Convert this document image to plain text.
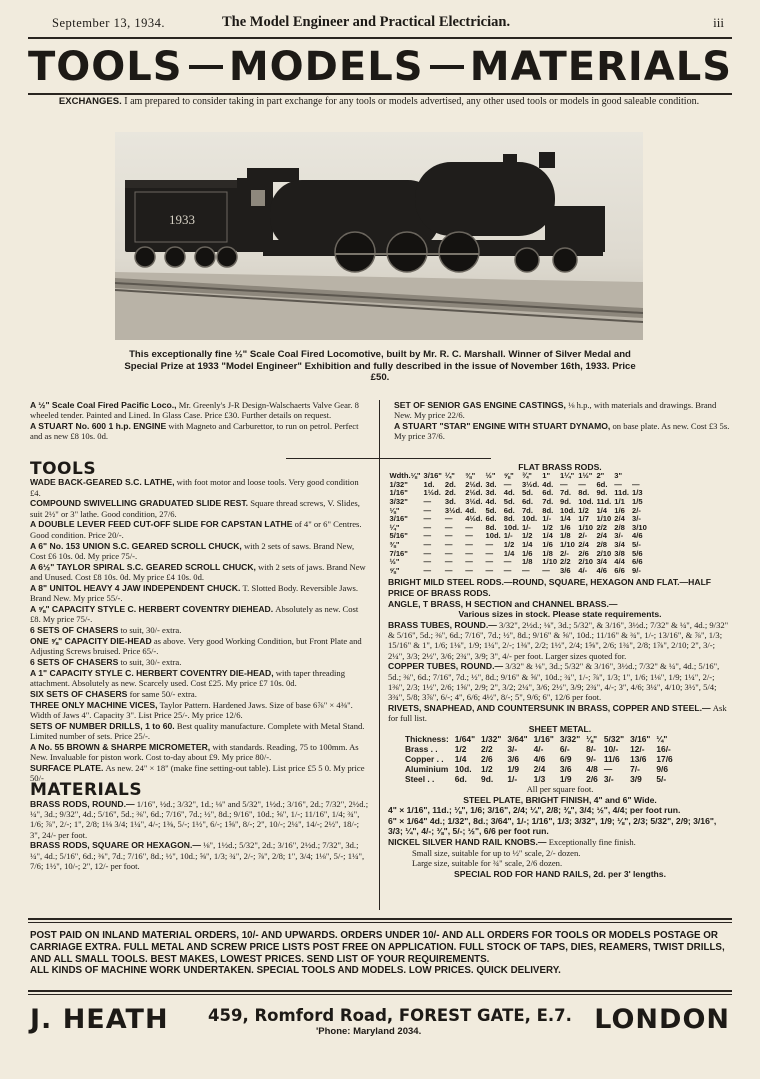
September 13, 1934.	The Model Engineer and Practical Electrician.	iii
TOOLS MODELS MATERIALS
EXCHANGES. I am prepared to consider taking in part exchange for any tools or models advertised, any other used tools or models in good saleable condition.
1933
This exceptionally fine ½" Scale Coal Fired Locomotive, built by Mr. R. C. Marshall. Winner of Silver Medal and Special Prize at 1933 "Model Engineer" Exhibition and fully described in the issue of November 16th, 1933. Price £50.

A ½" Scale Coal Fired Pacific Loco., Mr. Greenly's J-R Design-Walschaerts Valve Gear. 8 wheeled tender. Painted and Lined. In Glass Case. Price £30. Further details on request.

A STUART No. 600 1 h.p. ENGINE with Magneto and Carburettor, to run on petrol. Perfect and as new £8 10s. 0d.

SET OF SENIOR GAS ENGINE CASTINGS, ⅛ h.p., with materials and drawings. Brand New. My price 22/6.

A STUART "STAR" ENGINE WITH STUART DYNAMO, on base plate. As new. Cost £3 5s. My price 37/6.

TOOLS

WADE BACK-GEARED S.C. LATHE, with foot motor and loose tools. Very good condition £4.

COMPOUND SWIVELLING GRADUATED SLIDE REST. Square thread screws, V. Slides, suit 2½" or 3" lathe. Good condition, 27/6.

A DOUBLE LEVER FEED CUT-OFF SLIDE FOR CAPSTAN LATHE of 4" or 6" Centres. Good condition. Price 20/-.

A 6" No. 153 UNION S.C. GEARED SCROLL CHUCK, with 2 sets of saws. Brand New, Cost £6 10s. 0d. My price 75/-.

A 6½" TAYLOR SPIRAL S.C. GEARED SCROLL CHUCK, with 2 sets of jaws. Brand New and Unused. Cost £8 10s. 0d. My price £4 10s. 0d.

A 8" UNITOL HEAVY 4 JAW INDEPENDENT CHUCK. T. Slotted Body. Reversible Jaws. Brand New. My price 55/-.

A ⅝" CAPACITY STYLE C. HERBERT COVENTRY DIEHEAD. Absolutely as new. Cost £8. My price 75/-.

6 SETS OF CHASERS to suit, 30/- extra.

ONE ⅝" CAPACITY DIE-HEAD as above. Very good Working Condition, but Front Plate and Adjusting Screws bruised. Price 65/-.

6 SETS OF CHASERS to suit, 30/- extra.

A 1" CAPACITY STYLE C. HERBERT COVENTRY DIE-HEAD, with taper threading attachment. Absolutely as new. Scarcely used. Cost £25. My price £7 10s. 0d.

SIX SETS OF CHASERS for same 50/- extra.

THREE ONLY MACHINE VICES, Taylor Pattern. Hardened Jaws. Size of base 6⅞" × 4⅜". Width of Jaws 4". Capacity 3". List Price 25/-. My price 12/6.

SETS OF NUMBER DRILLS, 1 to 60. Best quality manufacture. Complete with Metal Stand. Limited number of sets. Price 25/-.

A No. 55 BROWN & SHARPE MICROMETER, with standards. Reading, 75 to 100mm. As New. Invaluable for piston work. Cost to-day about £9. My price 80/-.

SURFACE PLATE. As new. 24" × 18" (make fine setting-out table). List price £5 5 0. My price 50/-

MATERIALS

BRASS RODS, ROUND.— 1/16", ½d.; 3/32", 1d.; ⅛" and 5/32", 1½d.; 3/16", 2d.; 7/32", 2½d.; ¼", 3d.; 9/32", 4d.; 5/16", 5d.; ⅜", 6d.; 7/16", 7d.; ½", 8d.; 9/16", 10d.; ⅝", 1/-; 11/16", 1/4; ¾", 1/6; ⅞", 2/-; 1", 2/8; 1⅛ 3/4; 1¼", 4/-; 1⅜, 5/-; 1½", 6/-; 1⅝", 8/-; 2", 10/-; 2¼", 14/-; 2½", 18/-; 3", 24/- per foot.

BRASS RODS, SQUARE OR HEXAGON.— ⅛", 1½d.; 5/32", 2d.; 3/16", 2½d.; 7/32", 3d.; ¼", 4d.; 5/16", 6d.; ⅜", 7d.; 7/16", 8d.; ½", 10d.; ⅝", 1/3; ¾", 2/-; ⅞", 2/8; 1", 3/4; 1⅛", 5/-; 1¼", 7/6; 1½", 10/-; 2", 12/- per foot.

FLAT BRASS RODS.
Wdth.⅛"	3/16"	¼"	⅜"	½"	⅝"	¾"	1"	1¼"	1½"	2"	3"	
1/32"	1d.	2d.	2½d.	3d.	—	3½d.	4d.	—	—	6d.	—	—
1/16"	1½d.	2d.	2½d.	3d.	4d.	5d.	6d.	7d.	8d.	9d.	11d.	1/3
3/32"	—	3d.	3½d.	4d.	5d.	6d.	7d.	9d.	10d.	11d.	1/1	1/5
⅛"	—	3½d.	4d.	5d.	6d.	7d.	8d.	10d.	1/2	1/4	1/6	2/-
3/16"	—	—	4½d.	6d.	8d.	10d.	1/-	1/4	1/7	1/10	2/4	3/-
¼"	—	—	—	8d.	10d.	1/-	1/2	1/6	1/10	2/2	2/8	3/10
5/16"	—	—	—	10d.	1/-	1/2	1/4	1/8	2/-	2/4	3/-	4/6
⅜"	—	—	—	—	1/2	1/4	1/6	1/10	2/4	2/8	3/4	5/-
7/16"	—	—	—	—	1/4	1/6	1/8	2/-	2/6	2/10	3/8	5/6
½"	—	—	—	—	—	1/8	1/10	2/2	2/10	3/4	4/4	6/6
⅝"	—	—	—	—	—	—	—	3/6	4/-	4/6	6/6	9/-

BRIGHT MILD STEEL RODS.—ROUND, SQUARE, HEXAGON AND FLAT.—HALF PRICE OF BRASS RODS.

ANGLE, T BRASS, H SECTION and CHANNEL BRASS.—

Various sizes in stock. Please state requirements.

BRASS TUBES, ROUND.— 3/32", 2½d.; ⅛", 3d.; 5/32", & 3/16", 3½d.; 7/32" & ¼", 4d.; 9/32" & 5/16", 5d.; ⅜", 6d.; 7/16", 7d.; ½", 8d.; 9/16" & ⅝", 10d.; 11/16" & ¾", 1/-; 13/16", & ⅞", 1/3; 15/16" & 1", 1/6; 1⅛", 1/9; 1¼", 2/-; 1⅜", 2/2; 1½", 2/4; 1⅝", 2/6; 1¾", 2/8; 1⅞", 2/10; 2", 3/-; 2¼", 3/3; 2½", 3/6; 2¾", 3/9; 3", 4/- per foot. Larger sizes quoted for.

COPPER TUBES, ROUND.— 3/32" & ⅛", 3d.; 5/32" & 3/16", 3½d.; 7/32" & ¼", 4d.; 5/16", 5d.; ⅜", 6d.; 7/16", 7d.; ½", 8d.; 9/16" & ⅝", 10d.; ¾", 1/-; ⅞", 1/3; 1", 1/6; 1⅛", 1/9; 1¼", 2/-; 1⅜", 2/3; 1½", 2/6; 1⅝", 2/9; 2", 3/2; 2¼", 3/6; 2½", 3/9; 2¾", 4/-; 3", 4/6; 3¼", 4/10; 3½", 5/4; 3¾", 5/8; 3⅞", 6/-; 4", 6/6; 4½", 8/-; 5", 9/6; 6", 12/6 per foot.

RIVETS, SNAPHEAD, AND COUNTERSUNK IN BRASS, COPPER AND STEEL.— Ask for full list.

SHEET METAL.
Thickness:	1/64"	1/32"	3/64"	1/16"	3/32"	⅛"	5/32"	3/16"	¼"
Brass . .	1/2	2/2	3/-	4/-	6/-	8/-	10/-	12/-	16/-
Copper . .	1/4	2/6	3/6	4/6	6/9	9/-	11/6	13/6	17/6
Aluminium	10d.	1/2	1/9	2/4	3/6	4/8	—	7/-	9/6
Steel . .	6d.	9d.	1/-	1/3	1/9	2/6	3/-	3/9	5/-
All per square foot.
STEEL PLATE, BRIGHT FINISH, 4" and 6" Wide.

4" × 1/16", 11d.; ⅛", 1/6; 3/16", 2/4; ¼", 2/8; ⅜", 3/4; ½", 4/4; per foot run.

6" × 1/64" 4d.; 1/32", 8d.; 3/64", 1/-; 1/16", 1/3; 3/32", 1/9; ⅛", 2/3; 5/32", 2/9; 3/16", 3/3; ¼", 4/-; ⅜", 5/-; ½", 6/6 per foot run.

NICKEL SILVER HAND RAIL KNOBS.— Exceptionally fine finish.

Small size, suitable for up to ½" scale, 2/- dozen.

Large size, suitable for ¾" scale, 2/6 dozen.

SPECIAL ROD FOR HAND RAILS, 2d. per 3' lengths.

POST PAID ON INLAND MATERIAL ORDERS, 10/- AND UPWARDS. ORDERS UNDER 10/- AND ALL ORDERS FOR TOOLS OR MODELS POSTAGE OR CARRIAGE EXTRA. FULL METAL AND SCREW PRICE LISTS POST FREE ON APPLICATION. FULL STOCK OF TAPS, DIES, REAMERS, TWIST DRILLS, AND ALL SMALL TOOLS. BEST MAKES, LOWEST PRICES. SEND LIST OF YOUR REQUIREMENTS.
ALL KINDS OF MACHINE WORK UNDERTAKEN. SPECIAL TOOLS AND MODELS. LOW PRICES. QUICK DELIVERY.
J. HEATH 459, Romford Road, FOREST GATE, E.7.
'Phone: Maryland 2034.	LONDON
